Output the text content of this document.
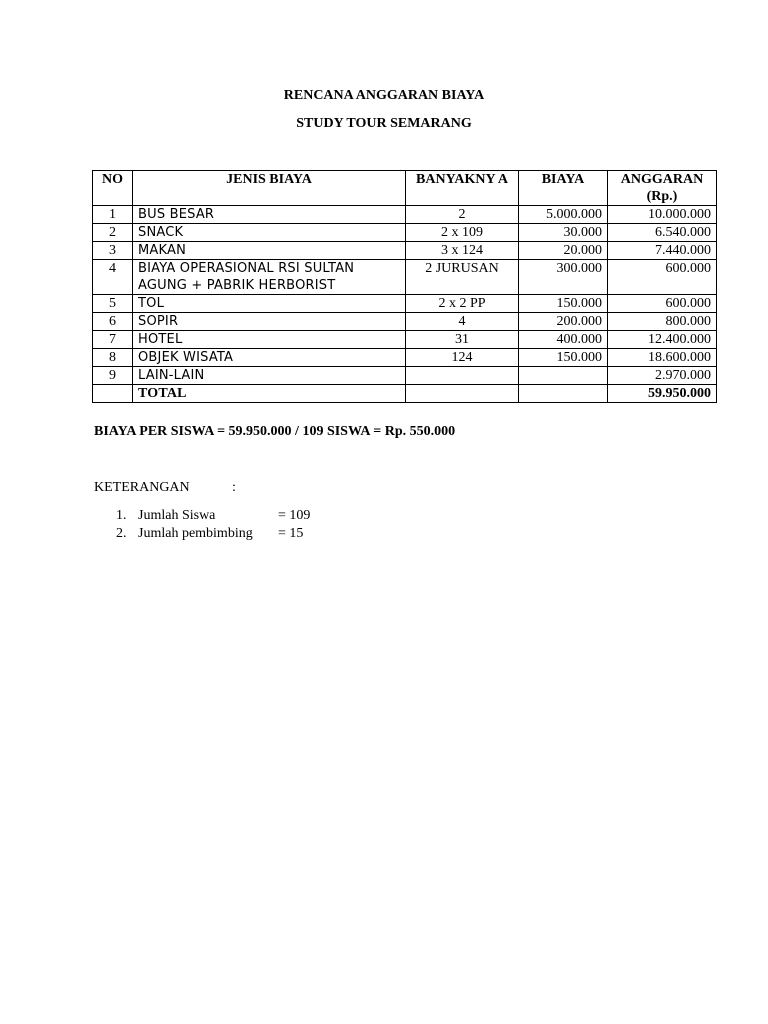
RENCANA ANGGARAN BIAYA
STUDY TOUR SEMARANG
NO	JENIS BIAYA	BANYAKNY A	BIAYA	ANGGARAN (Rp.)
1	BUS BESAR	2	5.000.000	10.000.000
2	SNACK	2 x 109	30.000	6.540.000
3	MAKAN	3 x 124	20.000	7.440.000
4	BIAYA OPERASIONAL RSI SULTAN AGUNG + PABRIK HERBORIST	2 JURUSAN	300.000	600.000
5	TOL	2 x 2 PP	150.000	600.000
6	SOPIR	4	200.000	800.000
7	HOTEL	31	400.000	12.400.000
8	OBJEK WISATA	124	150.000	18.600.000
9	LAIN-LAIN			2.970.000
	TOTAL			59.950.000
BIAYA PER SISWA = 59.950.000 / 109 SISWA = Rp. 550.000
KETERANGAN	:
1. Jumlah Siswa	= 109
2. Jumlah pembimbing = 15
